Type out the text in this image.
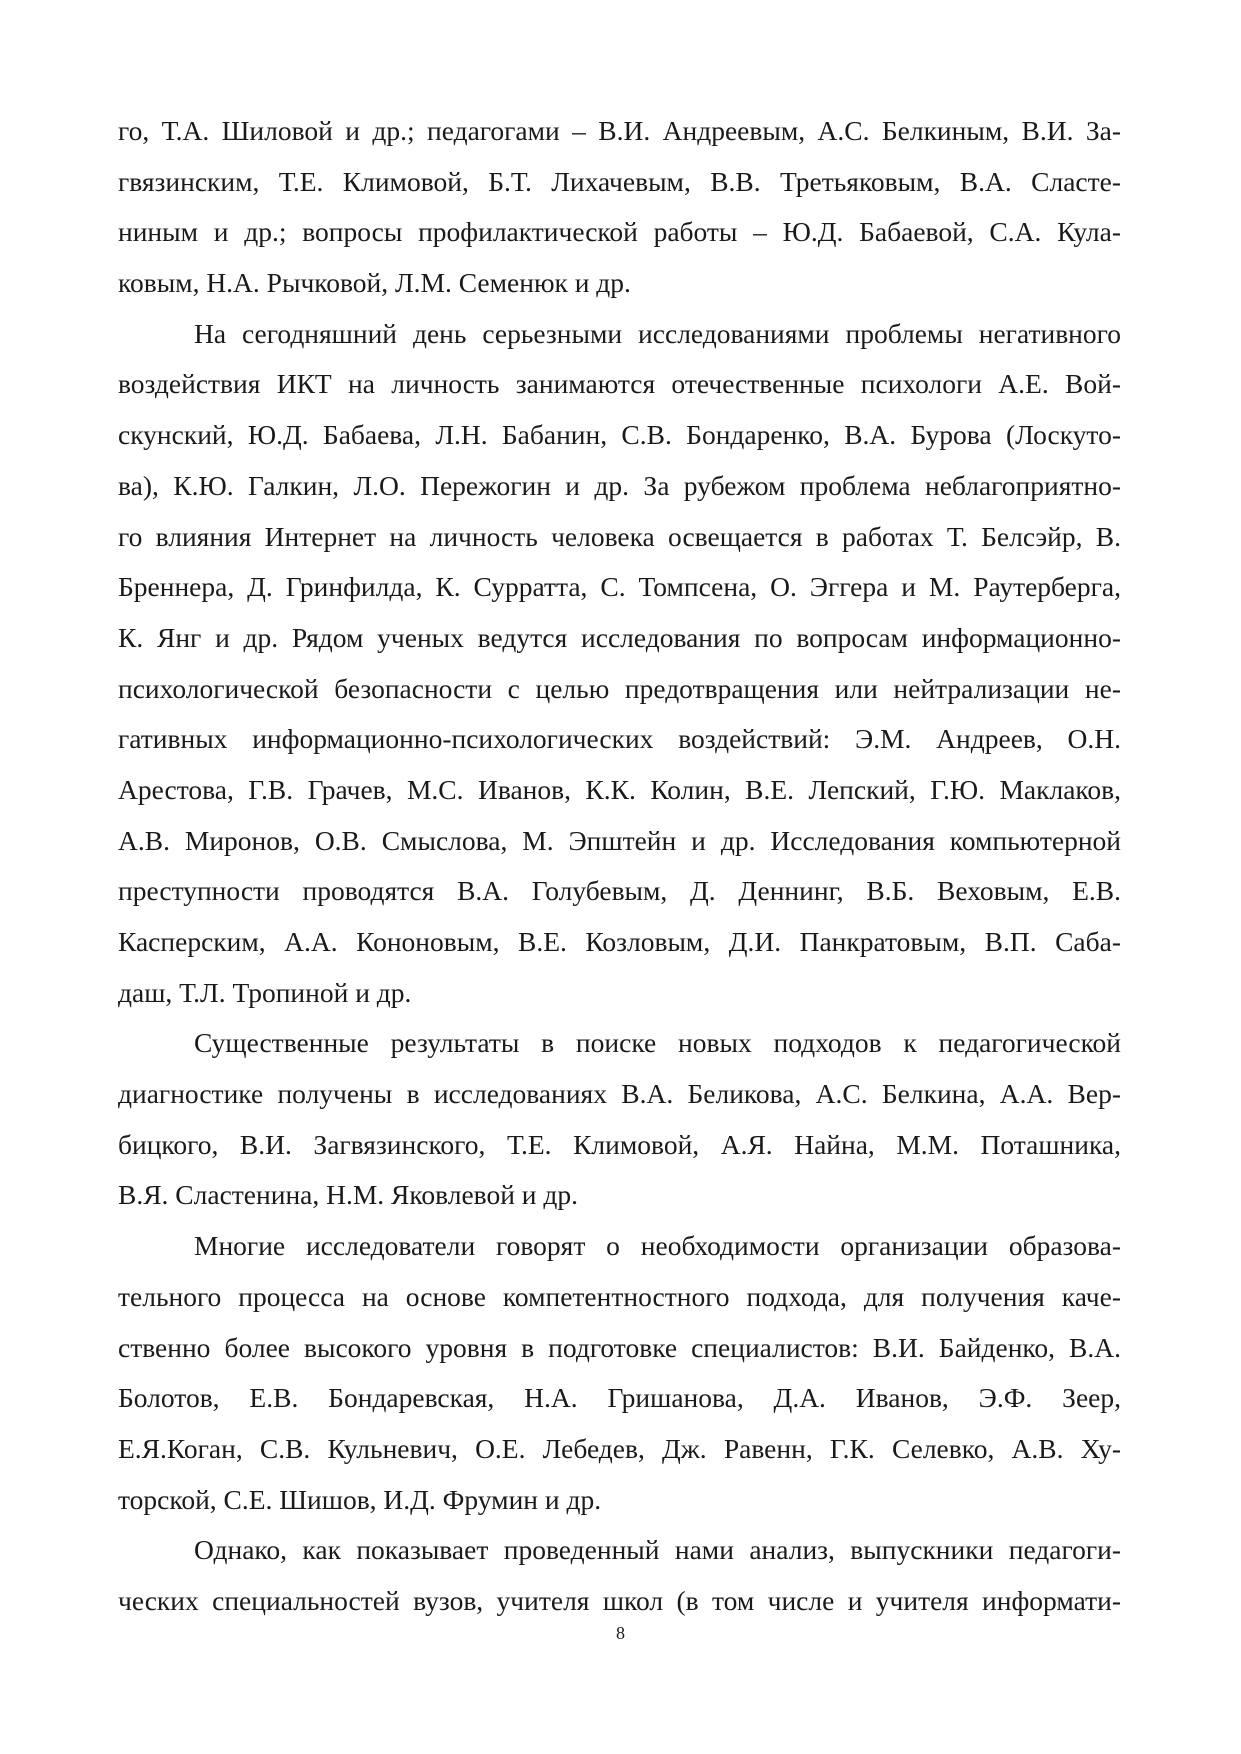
го, Т.А. Шиловой и др.; педагогами – В.И. Андреевым, А.С. Белкиным, В.И. За-
гвязинским, Т.Е. Климовой, Б.Т. Лихачевым, В.В. Третьяковым, В.А. Сласте-
ниным и др.; вопросы профилактической работы – Ю.Д. Бабаевой, С.А. Кула-
ковым, Н.А. Рычковой, Л.М. Семенюк и др.
На сегодняшний день серьезными исследованиями проблемы негативного
воздействия ИКТ на личность занимаются отечественные психологи А.Е. Вой-
скунский, Ю.Д. Бабаева, Л.Н. Бабанин, С.В. Бондаренко, В.А. Бурова (Лоскуто-
ва), К.Ю. Галкин, Л.О. Пережогин и др. За рубежом проблема неблагоприятно-
го влияния Интернет на личность человека освещается в работах Т. Белсэйр, В.
Бреннера, Д. Гринфилда, К. Сурратта, С. Томпсена, О. Эггера и М. Раутерберга,
К. Янг и др. Рядом ученых ведутся исследования по вопросам информационно-
психологической безопасности с целью предотвращения или нейтрализации не-
гативных информационно-психологических воздействий: Э.М. Андреев, О.Н.
Арестова, Г.В. Грачев, М.С. Иванов, К.К. Колин, В.Е. Лепский, Г.Ю. Маклаков,
А.В. Миронов, О.В. Смыслова, М. Эпштейн и др. Исследования компьютерной
преступности проводятся В.А. Голубевым, Д. Деннинг, В.Б. Веховым, Е.В.
Касперским, А.А. Кононовым, В.Е. Козловым, Д.И. Панкратовым, В.П. Саба-
даш, Т.Л. Тропиной и др.
Существенные результаты в поиске новых подходов к педагогической
диагностике получены в исследованиях В.А. Беликова, А.С. Белкина, А.А. Вер-
бицкого, В.И. Загвязинского, Т.Е. Климовой, А.Я. Найна, М.М. Поташника,
В.Я. Сластенина, Н.М. Яковлевой и др.
Многие исследователи говорят о необходимости организации образова-
тельного процесса на основе компетентностного подхода, для получения каче-
ственно более высокого уровня в подготовке специалистов: В.И. Байденко, В.А.
Болотов, Е.В. Бондаревская, Н.А. Гришанова, Д.А. Иванов, Э.Ф. Зеер,
Е.Я.Коган, С.В. Кульневич, О.Е. Лебедев, Дж. Равенн, Г.К. Селевко, А.В. Ху-
торской, С.Е. Шишов, И.Д. Фрумин и др.
Однако, как показывает проведенный нами анализ, выпускники педагоги-
ческих специальностей вузов, учителя школ (в том числе и учителя информати-
8
